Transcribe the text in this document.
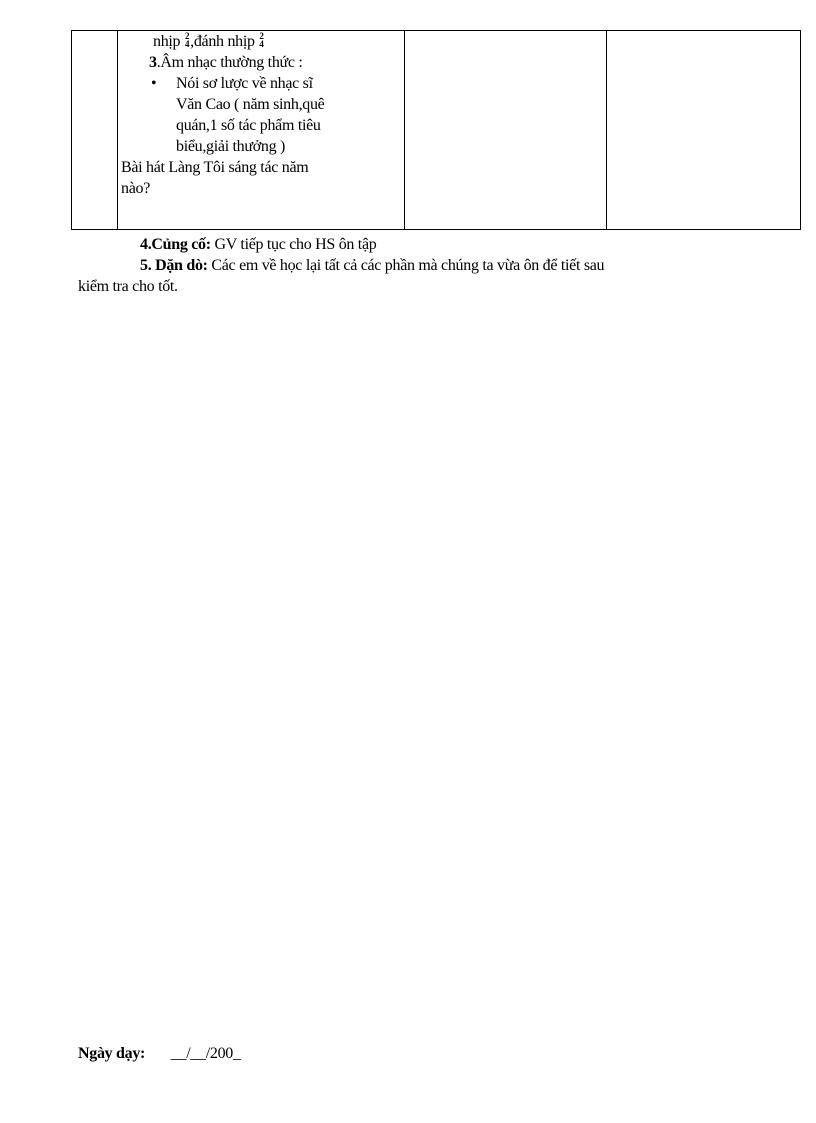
nhịp 2
4 ,đánh nhịp 2
4
3.Âm nhạc thường thức :
• Nói sơ lược về nhạc sĩ
Văn Cao ( năm sinh,quê
quán,1 số tác phẩm tiêu
biểu,giải thưởng )
Bài hát Làng Tôi sáng tác năm
nào?

4.Củng cố: GV tiếp tục cho HS ôn tập
5. Dặn dò: Các em về học lại tất cả các phần mà chúng ta vừa ôn để tiết sau
kiểm tra cho tốt.
Ngày dạy: __/__/200_
